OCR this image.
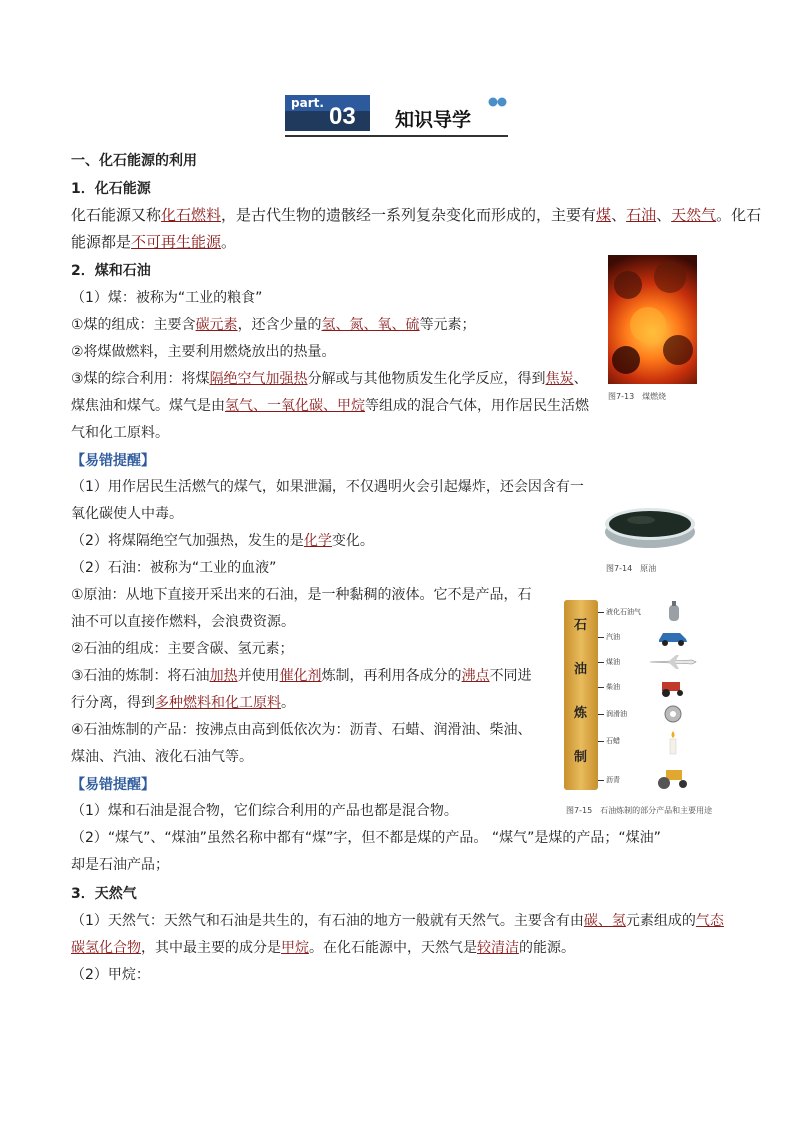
part. 03 知识导学
一、化石能源的利用
1．化石能源
化石能源又称化石燃料，是古代生物的遗骸经一系列复杂变化而形成的，主要有煤、石油、天然气。化石
能源都是不可再生能源。
2．煤和石油
（1）煤：被称为“工业的粮食”
①煤的组成：主要含碳元素，还含少量的氢、氮、氧、硫等元素；
②将煤做燃料，主要利用燃烧放出的热量。
③煤的综合利用：将煤隔绝空气加强热分解或与其他物质发生化学反应，得到焦炭、
煤焦油和煤气。煤气是由氢气、一氧化碳、甲烷等组成的混合气体，用作居民生活燃
气和化工原料。
【易错提醒】
（1）用作居民生活燃气的煤气，如果泄漏，不仅遇明火会引起爆炸，还会因含有一
氧化碳使人中毒。
（2）将煤隔绝空气加强热，发生的是化学变化。
（2）石油：被称为“工业的血液”
①原油：从地下直接开采出来的石油，是一种黏稠的液体。它不是产品，石
油不可以直接作燃料，会浪费资源。
②石油的组成：主要含碳、氢元素；
③石油的炼制：将石油加热并使用催化剂炼制，再利用各成分的沸点不同进
行分离，得到多种燃料和化工原料。
④石油炼制的产品：按沸点由高到低依次为：沥青、石蜡、润滑油、柴油、
煤油、汽油、液化石油气等。
【易错提醒】
（1）煤和石油是混合物，它们综合利用的产品也都是混合物。
（2）“煤气”、“煤油”虽然名称中都有“煤”字，但不都是煤的产品。 “煤气”是煤的产品；“煤油”
却是石油产品；
3．天然气
（1）天然气：天然气和石油是共生的，有石油的地方一般就有天然气。主要含有由碳、氢元素组成的气态
碳氢化合物，其中最主要的成分是甲烷。在化石能源中，天然气是较清洁的能源。
（2）甲烷：
图7-13　煤燃烧
图7-14　原油
石
油
炼
制
液化石油气
汽油
煤油
柴油
润滑油
石蜡
沥青
图7-15　石油炼制的部分产品和主要用途
